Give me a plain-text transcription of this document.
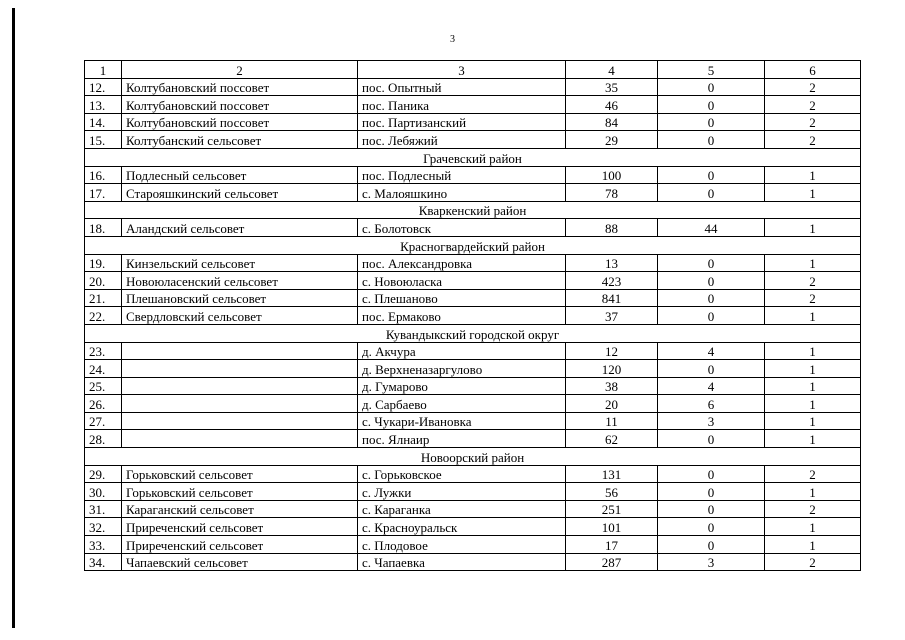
3
1	2	3	4	5	6
12.	Колтубановский поссовет	пос. Опытный	35	0	2
13.	Колтубановский поссовет	пос. Паника	46	0	2
14.	Колтубановский поссовет	пос. Партизанский	84	0	2
15.	Колтубанский сельсовет	пос. Лебяжий	29	0	2
Грачевский район					
16.	Подлесный сельсовет	пос. Подлесный	100	0	1
17.	Старояшкинский сельсовет	с. Малояшкино	78	0	1
Кваркенский район					
18.	Аландский сельсовет	с. Болотовск	88	44	1
Красногвардейский район					
19.	Кинзельский сельсовет	пос. Александровка	13	0	1
20.	Новоюласенский сельсовет	с. Новоюласка	423	0	2
21.	Плешановский сельсовет	с. Плешаново	841	0	2
22.	Свердловский сельсовет	пос. Ермаково	37	0	1
Кувандыкский городской округ					
23.		д. Акчура	12	4	1
24.		д. Верхненазаргулово	120	0	1
25.		д. Гумарово	38	4	1
26.		д. Сарбаево	20	6	1
27.		с. Чукари-Ивановка	11	3	1
28.		пос. Ялнаир	62	0	1
Новоорский район					
29.	Горьковский сельсовет	с. Горьковское	131	0	2
30.	Горьковский сельсовет	с. Лужки	56	0	1
31.	Караганский сельсовет	с. Караганка	251	0	2
32.	Приреченский сельсовет	с. Красноуральск	101	0	1
33.	Приреченский сельсовет	с. Плодовое	17	0	1
34.	Чапаевский сельсовет	с. Чапаевка	287	3	2
